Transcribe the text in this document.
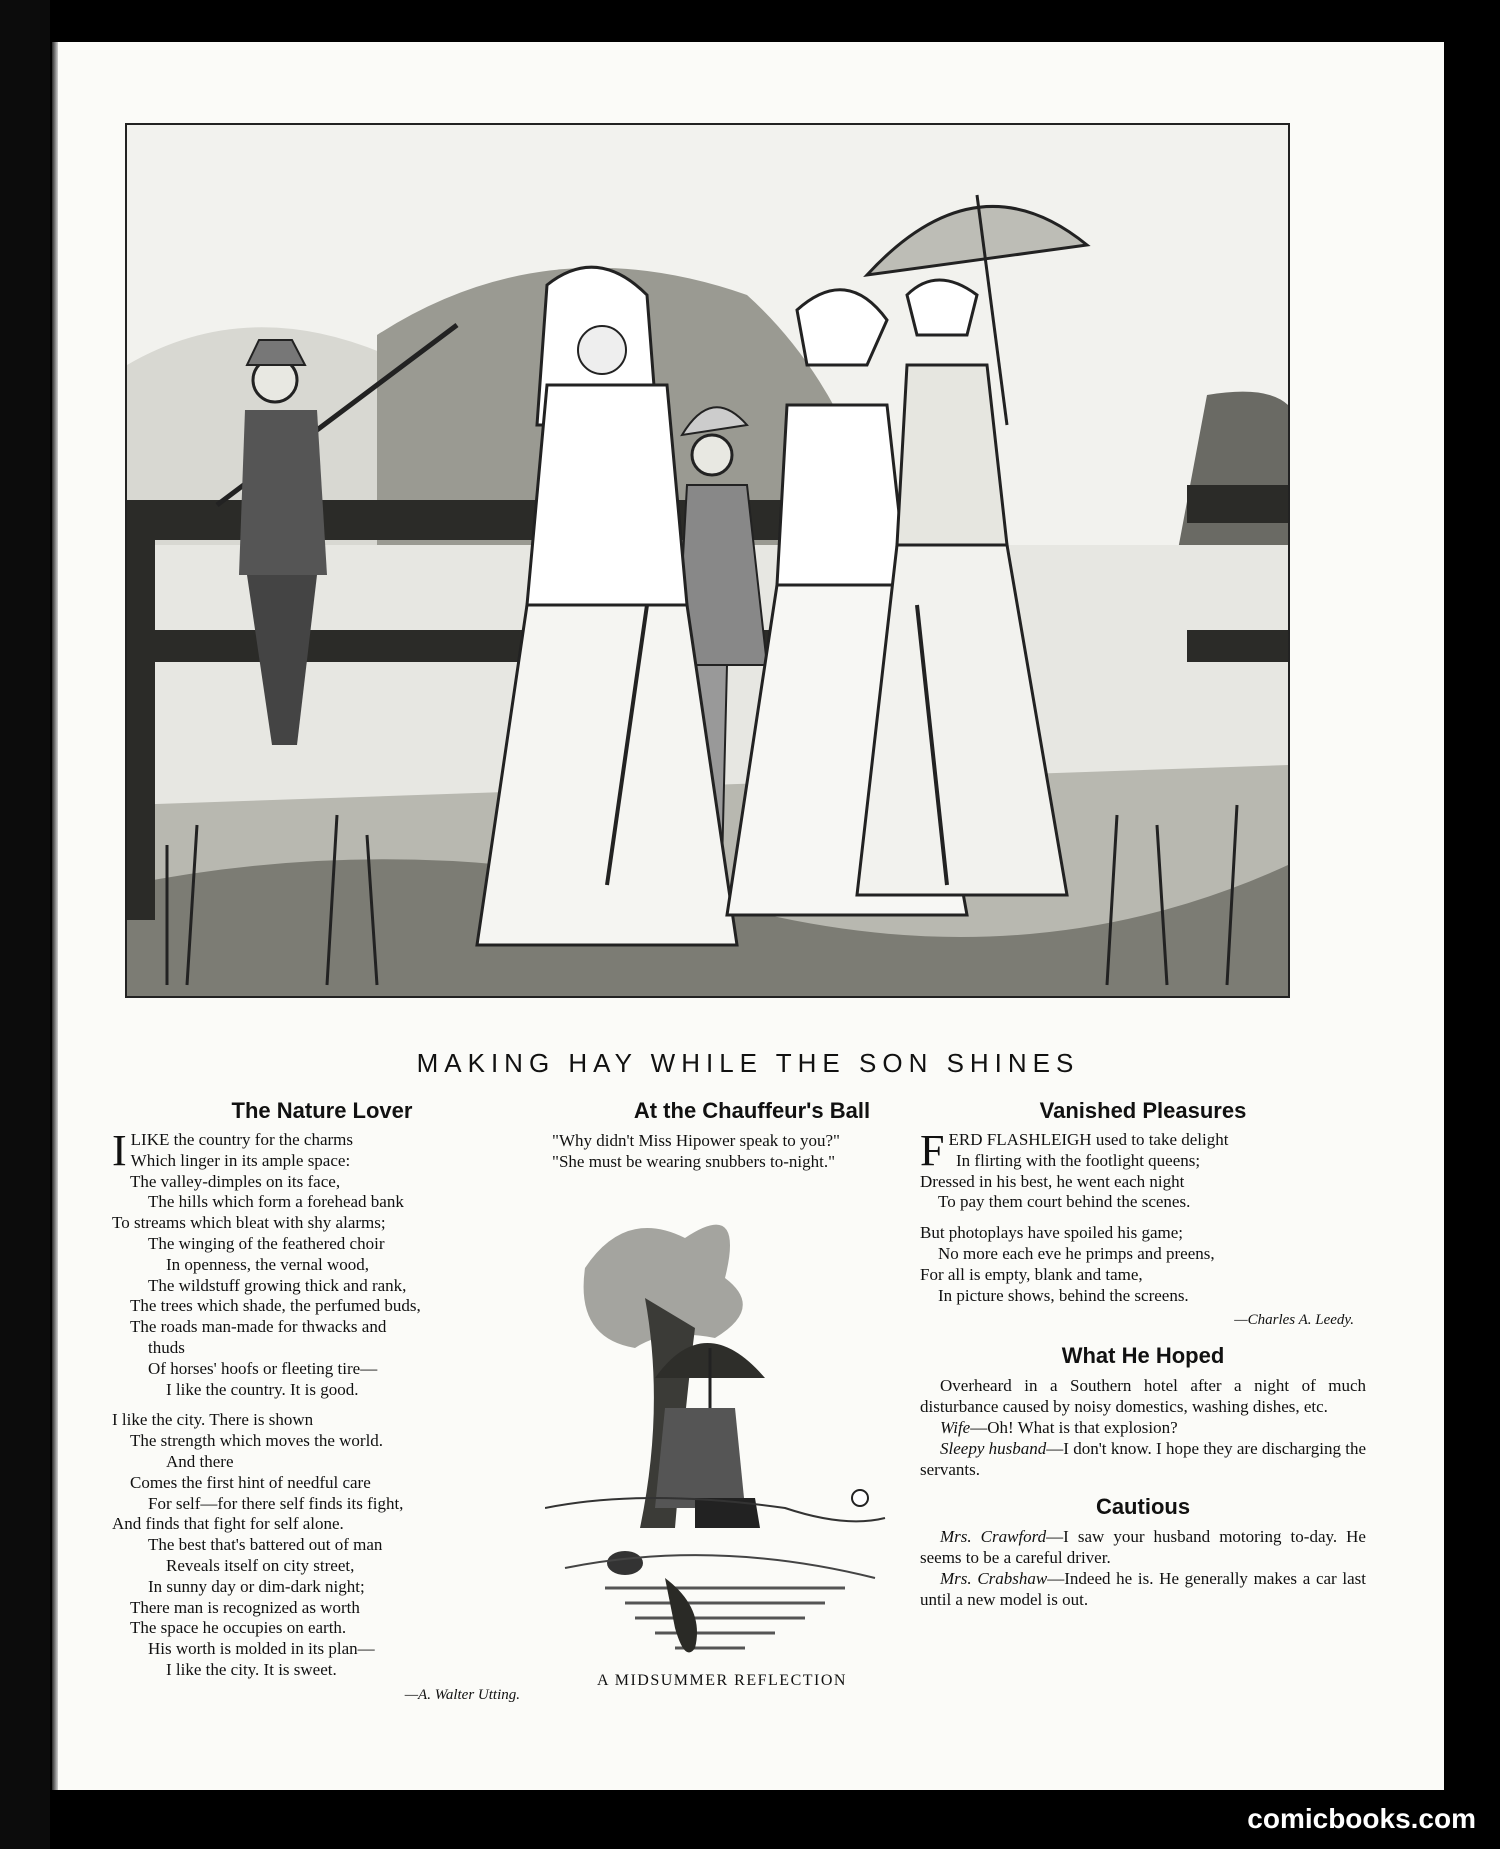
MAKING HAY WHILE THE SON SHINES
The Nature Lover
I LIKE the country for the charms
Which linger in its ample space:
The valley-dimples on its face,
The hills which form a forehead bank
To streams which bleat with shy alarms;
The winging of the feathered choir
In openness, the vernal wood,
The wildstuff growing thick and rank,
The trees which shade, the perfumed buds,
The roads man-made for thwacks and
thuds
Of horses' hoofs or fleeting tire—
I like the country. It is good.
I like the city. There is shown
The strength which moves the world.
And there
Comes the first hint of needful care
For self—for there self finds its fight,
And finds that fight for self alone.
The best that's battered out of man
Reveals itself on city street,
In sunny day or dim-dark night;
There man is recognized as worth
The space he occupies on earth.
His worth is molded in its plan—
I like the city. It is sweet.
—A. Walter Utting.
At the Chauffeur's Ball
"Why didn't Miss Hipower speak to you?"
"She must be wearing snubbers to-night."
A MIDSUMMER REFLECTION
Vanished Pleasures
F ERD FLASHLEIGH used to take delight
In flirting with the footlight queens;
Dressed in his best, he went each night
To pay them court behind the scenes.
But photoplays have spoiled his game;
No more each eve he primps and preens,
For all is empty, blank and tame,
In picture shows, behind the screens.
—Charles A. Leedy.
What He Hoped

Overheard in a Southern hotel after a night of much disturbance caused by noisy domestics, washing dishes, etc.

Wife—Oh! What is that explosion?

Sleepy husband—I don't know. I hope they are discharging the servants.

Cautious

Mrs. Crawford—I saw your husband motoring to-day. He seems to be a careful driver.

Mrs. Crabshaw—Indeed he is. He generally makes a car last until a new model is out.

comicbooks.com
